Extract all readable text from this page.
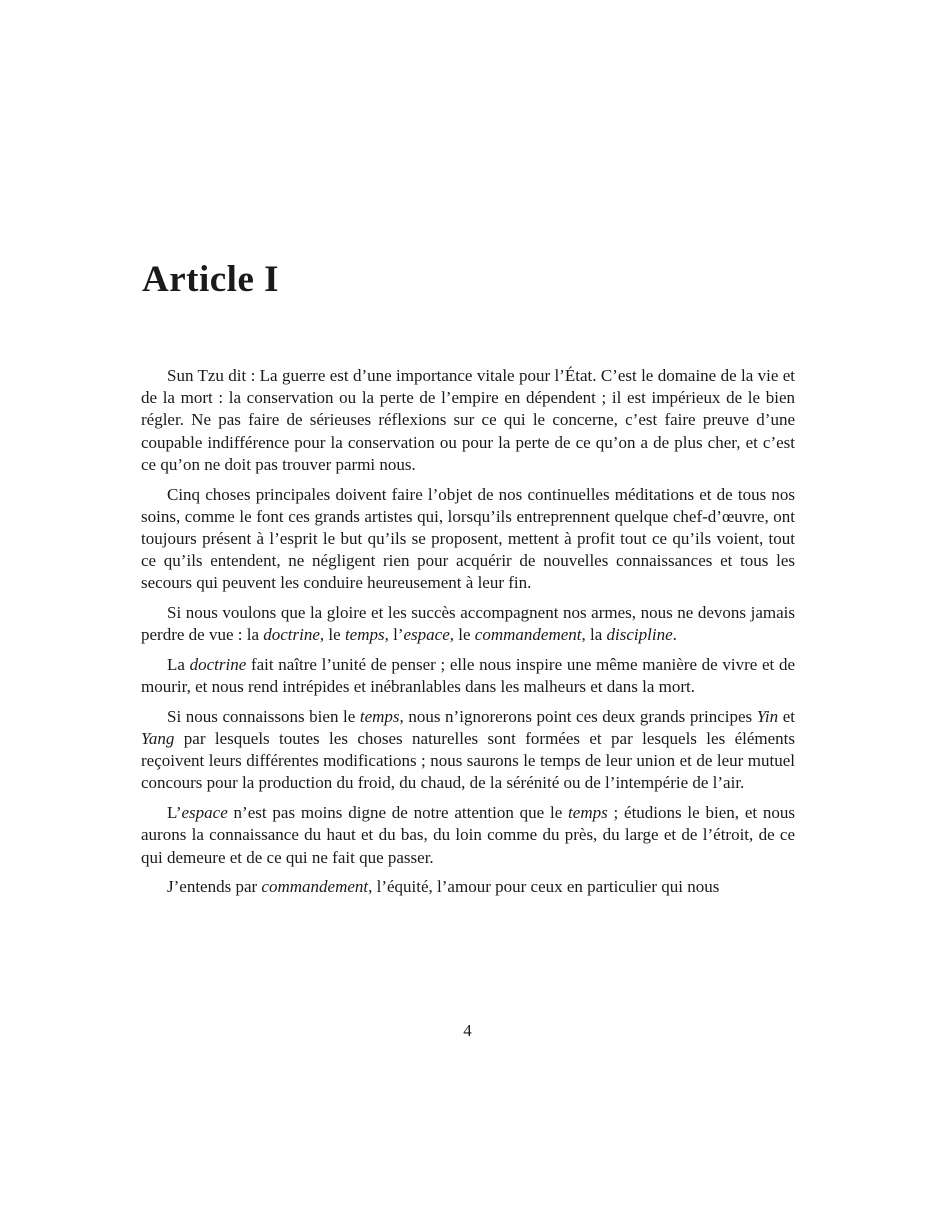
Article I

Sun Tzu dit : La guerre est d’une importance vitale pour l’État. C’est le domaine de la vie et de la mort : la conservation ou la perte de l’empire en dépendent ; il est impérieux de le bien régler. Ne pas faire de sérieuses réflexions sur ce qui le concerne, c’est faire preuve d’une coupable indifférence pour la conservation ou pour la perte de ce qu’on a de plus cher, et c’est ce qu’on ne doit pas trouver parmi nous.

Cinq choses principales doivent faire l’objet de nos continuelles méditations et de tous nos soins, comme le font ces grands artistes qui, lorsqu’ils entreprennent quelque chef-d’œuvre, ont toujours présent à l’esprit le but qu’ils se proposent, mettent à profit tout ce qu’ils voient, tout ce qu’ils entendent, ne négligent rien pour acquérir de nouvelles connaissances et tous les secours qui peuvent les conduire heureusement à leur fin.

Si nous voulons que la gloire et les succès accompagnent nos armes, nous ne devons jamais perdre de vue : la doctrine, le temps, l’espace, le commandement, la discipline.

La doctrine fait naître l’unité de penser ; elle nous inspire une même manière de vivre et de mourir, et nous rend intrépides et inébranlables dans les malheurs et dans la mort.

Si nous connaissons bien le temps, nous n’ignorerons point ces deux grands principes Yin et Yang par lesquels toutes les choses naturelles sont formées et par lesquels les éléments reçoivent leurs différentes modifications ; nous saurons le temps de leur union et de leur mutuel concours pour la production du froid, du chaud, de la sérénité ou de l’intempérie de l’air.

L’espace n’est pas moins digne de notre attention que le temps ; étudions le bien, et nous aurons la connaissance du haut et du bas, du loin comme du près, du large et de l’étroit, de ce qui demeure et de ce qui ne fait que passer.

J’entends par commandement, l’équité, l’amour pour ceux en particulier qui nous

4
